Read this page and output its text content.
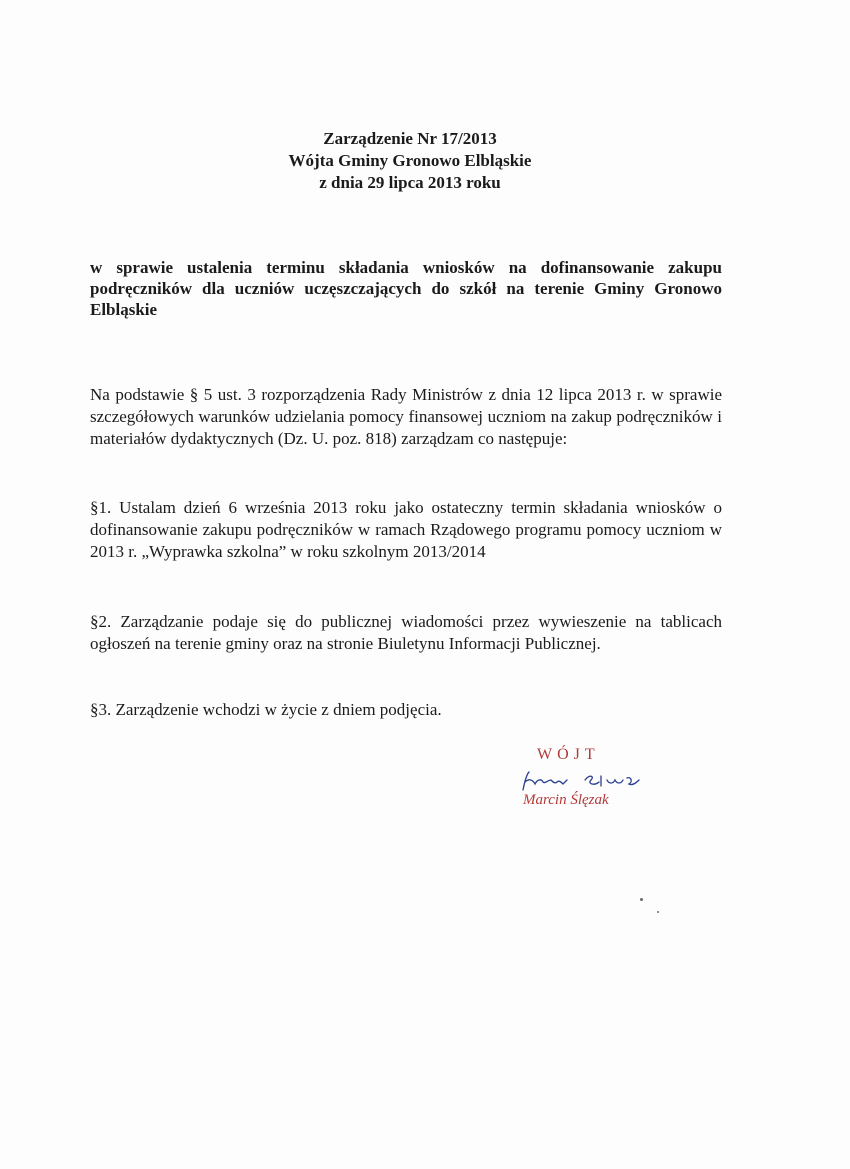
Zarządzenie Nr 17/2013
Wójta Gminy Gronowo Elbląskie
z dnia 29 lipca 2013 roku
w sprawie ustalenia terminu składania wniosków na dofinansowanie zakupu podręczników dla uczniów uczęszczających do szkół na terenie Gminy Gronowo Elbląskie
Na podstawie § 5 ust. 3 rozporządzenia Rady Ministrów z dnia 12 lipca 2013 r. w sprawie szczegółowych warunków udzielania pomocy finansowej uczniom na zakup podręczników i materiałów dydaktycznych (Dz. U. poz. 818) zarządzam co następuje:
§1. Ustalam dzień 6 września 2013 roku jako ostateczny termin składania wniosków o dofinansowanie zakupu podręczników w ramach Rządowego programu pomocy uczniom w 2013 r. „Wyprawka szkolna” w roku szkolnym 2013/2014
§2. Zarządzanie podaje się do publicznej wiadomości przez wywieszenie na tablicach ogłoszeń na terenie gminy oraz na stronie Biuletynu Informacji Publicznej.
§3. Zarządzenie wchodzi w życie z dniem podjęcia.
WÓJT
Marcin Ślęzak
